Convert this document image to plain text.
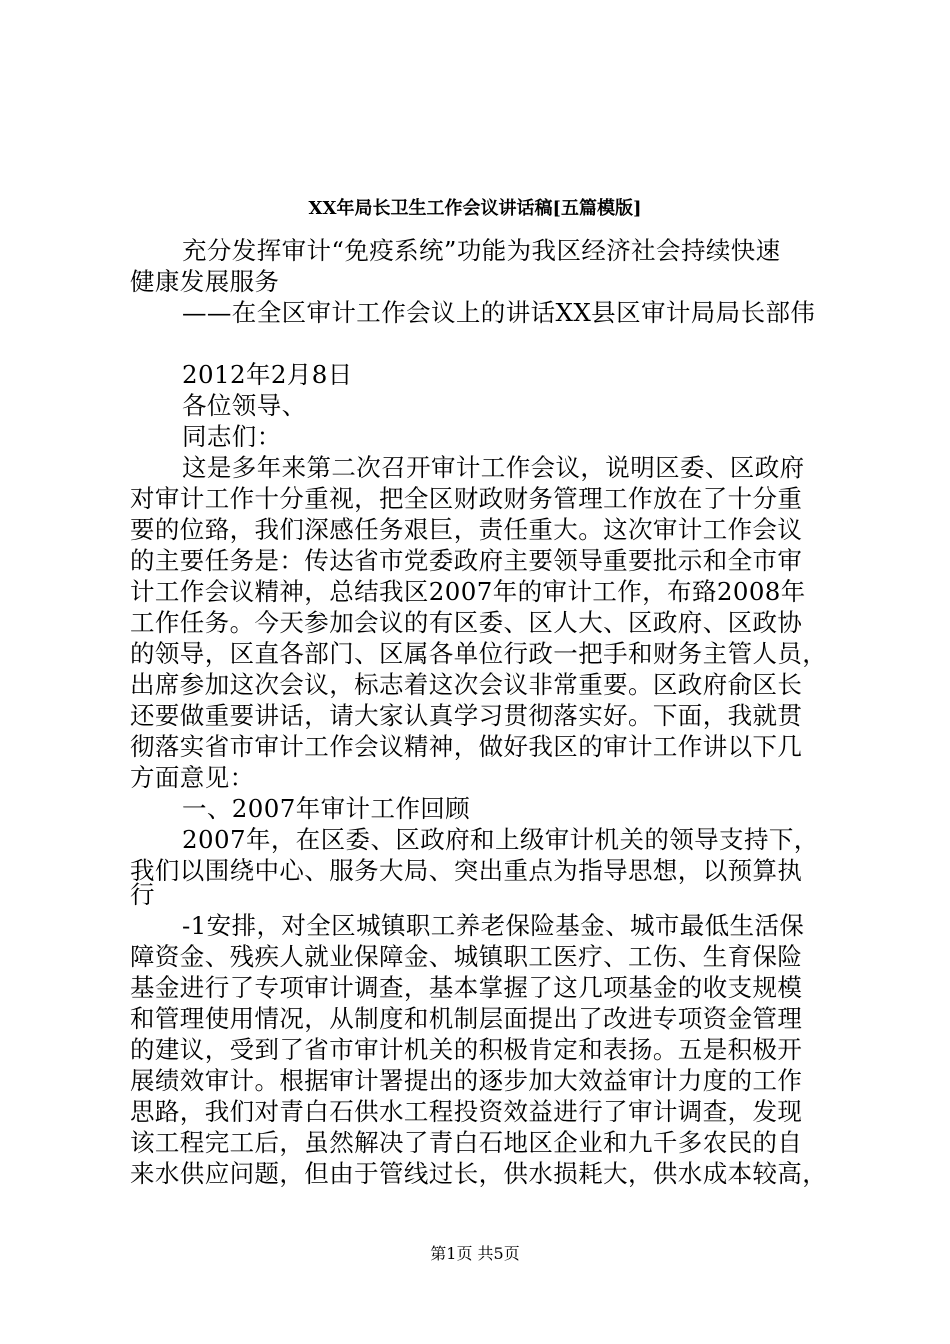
XX年局长卫生工作会议讲话稿[五篇模版]
充分发挥审计“免疫系统”功能为我区经济社会持续快速
健康发展服务
——在全区审计工作会议上的讲话XX县区审计局局长部伟
2012年2月8日
各位领导、
同志们：
这是多年来第二次召开审计工作会议，说明区委、区政府
对审计工作十分重视，把全区财政财务管理工作放在了十分重
要的位臵，我们深感任务艰巨，责任重大。这次审计工作会议
的主要任务是：传达省市党委政府主要领导重要批示和全市审
计工作会议精神，总结我区2007年的审计工作，布臵2008年
工作任务。今天参加会议的有区委、区人大、区政府、区政协
的领导，区直各部门、区属各单位行政一把手和财务主管人员，
出席参加这次会议，标志着这次会议非常重要。区政府俞区长
还要做重要讲话，请大家认真学习贯彻落实好。下面，我就贯
彻落实省市审计工作会议精神，做好我区的审计工作讲以下几
方面意见：
一、2007年审计工作回顾
2007年，在区委、区政府和上级审计机关的领导支持下，
我们以围绕中心、服务大局、突出重点为指导思想，以预算执
行
-1安排，对全区城镇职工养老保险基金、城市最低生活保
障资金、残疾人就业保障金、城镇职工医疗、工伤、生育保险
基金进行了专项审计调查，基本掌握了这几项基金的收支规模
和管理使用情况，从制度和机制层面提出了改进专项资金管理
的建议，受到了省市审计机关的积极肯定和表扬。五是积极开
展绩效审计。根据审计署提出的逐步加大效益审计力度的工作
思路，我们对青白石供水工程投资效益进行了审计调查，发现
该工程完工后，虽然解决了青白石地区企业和九千多农民的自
来水供应问题，但由于管线过长，供水损耗大，供水成本较高，
第1页 共5页
